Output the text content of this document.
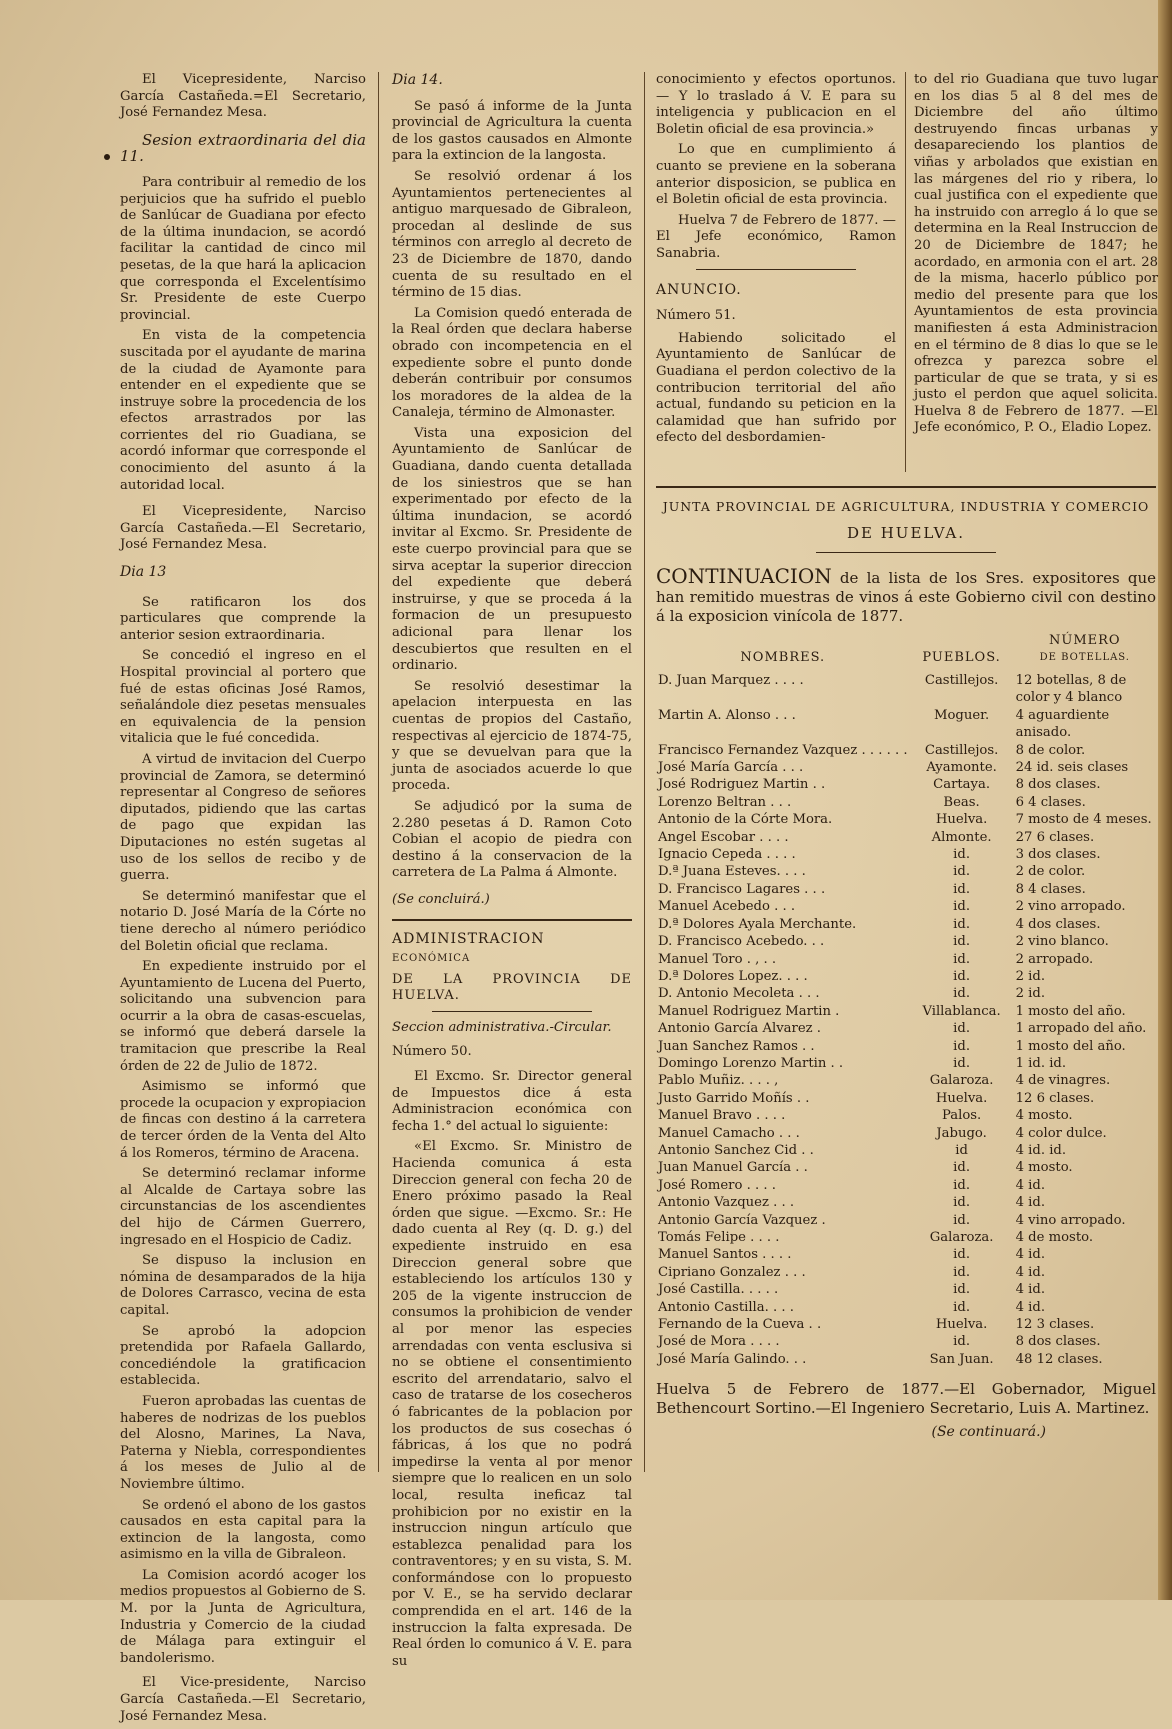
El Vicepresidente, Narciso García Castañeda.=El Secretario, José Fernandez Mesa.

Sesion extraordinaria del dia 11.

Para contribuir al remedio de los perjuicios que ha sufrido el pueblo de Sanlúcar de Guadiana por efecto de la última inundacion, se acordó facilitar la cantidad de cinco mil pesetas, de la que hará la aplicacion que corresponda el Excelentísimo Sr. Presidente de este Cuerpo provincial.

En vista de la competencia suscitada por el ayudante de marina de la ciudad de Ayamonte para entender en el expediente que se instruye sobre la procedencia de los efectos arrastrados por las corrientes del rio Guadiana, se acordó informar que corresponde el conocimiento del asunto á la autoridad local.

El Vicepresidente, Narciso García Castañeda.—El Secretario, José Fernandez Mesa.

Dia 13

Se ratificaron los dos particulares que comprende la anterior sesion extraordinaria.

Se concedió el ingreso en el Hospital provincial al portero que fué de estas oficinas José Ramos, señalándole diez pesetas mensuales en equivalencia de la pension vitalicia que le fué concedida.

A virtud de invitacion del Cuerpo provincial de Zamora, se determinó representar al Congreso de señores diputados, pidiendo que las cartas de pago que expidan las Diputaciones no estén sugetas al uso de los sellos de recibo y de guerra.

Se determinó manifestar que el notario D. José María de la Córte no tiene derecho al número periódico del Boletin oficial que reclama.

En expediente instruido por el Ayuntamiento de Lucena del Puerto, solicitando una subvencion para ocurrir a la obra de casas-escuelas, se informó que deberá darsele la tramitacion que prescribe la Real órden de 22 de Julio de 1872.

Asimismo se informó que procede la ocupacion y expropiacion de fincas con destino á la carretera de tercer órden de la Venta del Alto á los Romeros, término de Aracena.

Se determinó reclamar informe al Alcalde de Cartaya sobre las circunstancias de los ascendientes del hijo de Cármen Guerrero, ingresado en el Hospicio de Cadiz.

Se dispuso la inclusion en nómina de desamparados de la hija de Dolores Carrasco, vecina de esta capital.

Se aprobó la adopcion pretendida por Rafaela Gallardo, concediéndole la gratificacion establecida.

Fueron aprobadas las cuentas de haberes de nodrizas de los pueblos del Alosno, Marines, La Nava, Paterna y Niebla, correspondientes á los meses de Julio al de Noviembre último.

Se ordenó el abono de los gastos causados en esta capital para la extincion de la langosta, como asimismo en la villa de Gibraleon.

La Comision acordó acoger los medios propuestos al Gobierno de S. M. por la Junta de Agricultura, Industria y Comercio de la ciudad de Málaga para extinguir el bandolerismo.

El Vice-presidente, Narciso García Castañeda.—El Secretario, José Fernandez Mesa.

Dia 14.

Se pasó á informe de la Junta provincial de Agricultura la cuenta de los gastos causados en Almonte para la extincion de la langosta.

Se resolvió ordenar á los Ayuntamientos pertenecientes al antiguo marquesado de Gibraleon, procedan al deslinde de sus términos con arreglo al decreto de 23 de Diciembre de 1870, dando cuenta de su resultado en el término de 15 dias.

La Comision quedó enterada de la Real órden que declara haberse obrado con incompetencia en el expediente sobre el punto donde deberán contribuir por consumos los moradores de la aldea de la Canaleja, término de Almonaster.

Vista una exposicion del Ayuntamiento de Sanlúcar de Guadiana, dando cuenta detallada de los siniestros que se han experimentado por efecto de la última inundacion, se acordó invitar al Excmo. Sr. Presidente de este cuerpo provincial para que se sirva aceptar la superior direccion del expediente que deberá instruirse, y que se proceda á la formacion de un presupuesto adicional para llenar los descubiertos que resulten en el ordinario.

Se resolvió desestimar la apelacion interpuesta en las cuentas de propios del Castaño, respectivas al ejercicio de 1874-75, y que se devuelvan para que la junta de asociados acuerde lo que proceda.

Se adjudicó por la suma de 2.280 pesetas á D. Ramon Coto Cobian el acopio de piedra con destino á la conservacion de la carretera de La Palma á Almonte.

(Se concluirá.)

ADMINISTRACION

ECONÓMICA

DE LA PROVINCIA DE HUELVA.

Seccion administrativa.-Circular.

Número 50.

El Excmo. Sr. Director general de Impuestos dice á esta Administracion económica con fecha 1.° del actual lo siguiente:

«El Excmo. Sr. Ministro de Hacienda comunica á esta Direccion general con fecha 20 de Enero próximo pasado la Real órden que sigue. —Excmo. Sr.: He dado cuenta al Rey (q. D. g.) del expediente instruido en esa Direccion general sobre que estableciendo los artículos 130 y 205 de la vigente instruccion de consumos la prohibicion de vender al por menor las especies arrendadas con venta esclusiva si no se obtiene el consentimiento escrito del arrendatario, salvo el caso de tratarse de los cosecheros ó fabricantes de la poblacion por los productos de sus cosechas ó fábricas, á los que no podrá impedirse la venta al por menor siempre que lo realicen en un solo local, resulta ineficaz tal prohibicion por no existir en la instruccion ningun artículo que establezca penalidad para los contraventores; y en su vista, S. M. conformándose con lo propuesto por V. E., se ha servido declarar comprendida en el art. 146 de la instruccion la falta expresada. De Real órden lo comunico á V. E. para su

conocimiento y efectos oportunos.— Y lo traslado á V. E para su inteligencia y publicacion en el Boletin oficial de esa provincia.»

Lo que en cumplimiento á cuanto se previene en la soberana anterior disposicion, se publica en el Boletin oficial de esta provincia.

Huelva 7 de Febrero de 1877. —El Jefe económico, Ramon Sanabria.

ANUNCIO.

Número 51.

Habiendo solicitado el Ayuntamiento de Sanlúcar de Guadiana el perdon colectivo de la contribucion territorial del año actual, fundando su peticion en la calamidad que han sufrido por efecto del desbordamien-

to del rio Guadiana que tuvo lugar en los dias 5 al 8 del mes de Diciembre del año último destruyendo fincas urbanas y desapareciendo los plantios de viñas y arbolados que existian en las márgenes del rio y ribera, lo cual justifica con el expediente que ha instruido con arreglo á lo que se determina en la Real Instruccion de 20 de Diciembre de 1847; he acordado, en armonia con el art. 28 de la misma, hacerlo público por medio del presente para que los Ayuntamientos de esta provincia manifiesten á esta Administracion en el término de 8 dias lo que se le ofrezca y parezca sobre el particular de que se trata, y si es justo el perdon que aquel solicita. Huelva 8 de Febrero de 1877. —El Jefe económico, P. O., Eladio Lopez.

JUNTA PROVINCIAL DE AGRICULTURA, INDUSTRIA Y COMERCIO
DE HUELVA.
CONTINUACION de la lista de los Sres. expositores que han remitido muestras de vinos á este Gobierno civil con destino á la exposicion vinícola de 1877.
NOMBRES.	PUEBLOS.	NÚMERO
DE BOTELLAS.

D. Juan Marquez . . . .	Castillejos.	12 botellas, 8 de color y 4 blanco
Martin A. Alonso . . .	Moguer.	4 aguardiente anisado.
Francisco Fernandez Vazquez . . . . . .	Castillejos.	8 de color.
José María García . . .	Ayamonte.	24 id. seis clases
José Rodriguez Martin . .	Cartaya.	8 dos clases.
Lorenzo Beltran . . .	Beas.	6 4 clases.
Antonio de la Córte Mora.	Huelva.	7 mosto de 4 meses.
Angel Escobar . . . .	Almonte.	27 6 clases.
Ignacio Cepeda . . . .	id.	3 dos clases.
D.ª Juana Esteves. . . .	id.	2 de color.
D. Francisco Lagares . . .	id.	8 4 clases.
Manuel Acebedo . . .	id.	2 vino arropado.
D.ª Dolores Ayala Merchante.	id.	4 dos clases.
D. Francisco Acebedo. . .	id.	2 vino blanco.
Manuel Toro . , . .	id.	2 arropado.
D.ª Dolores Lopez. . . .	id.	2 id.
D. Antonio Mecoleta . . .	id.	2 id.
Manuel Rodriguez Martin .	Villablanca.	1 mosto del año.
Antonio García Alvarez .	id.	1 arropado del año.
Juan Sanchez Ramos . .	id.	1 mosto del año.
Domingo Lorenzo Martin . .	id.	1 id. id.
Pablo Muñiz. . . . ,	Galaroza.	4 de vinagres.
Justo Garrido Moñís . .	Huelva.	12 6 clases.
Manuel Bravo . . . .	Palos.	4 mosto.
Manuel Camacho . . .	Jabugo.	4 color dulce.
Antonio Sanchez Cid . .	id	4 id. id.
Juan Manuel García . .	id.	4 mosto.
José Romero . . . .	id.	4 id.
Antonio Vazquez . . .	id.	4 id.
Antonio García Vazquez .	id.	4 vino arropado.
Tomás Felipe . . . .	Galaroza.	4 de mosto.
Manuel Santos . . . .	id.	4 id.
Cipriano Gonzalez . . .	id.	4 id.
José Castilla. . . . .	id.	4 id.
Antonio Castilla. . . .	id.	4 id.
Fernando de la Cueva . .	Huelva.	12 3 clases.
José de Mora . . . .	id.	8 dos clases.
José María Galindo. . .	San Juan.	48 12 clases.
Huelva 5 de Febrero de 1877.—El Gobernador, Miguel Bethencourt Sortino.—El Ingeniero Secretario, Luis A. Martinez.
(Se continuará.)
